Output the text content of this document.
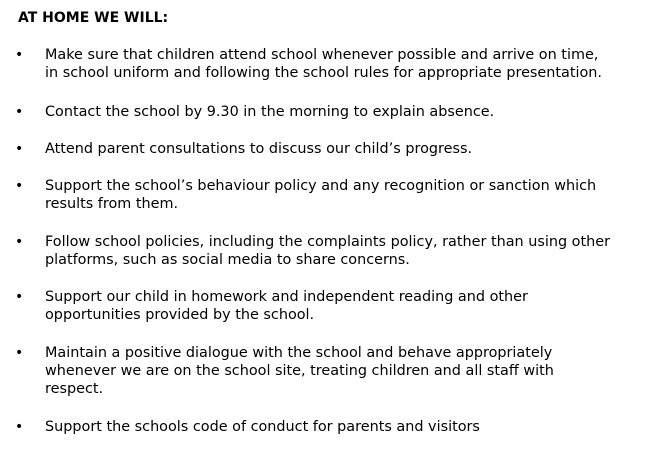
AT HOME WE WILL:
• Make sure that children attend school whenever possible and arrive on time,
in school uniform and following the school rules for appropriate presentation.
• Contact the school by 9.30 in the morning to explain absence.
• Attend parent consultations to discuss our child’s progress.
• Support the school’s behaviour policy and any recognition or sanction which
results from them.
• Follow school policies, including the complaints policy, rather than using other
platforms, such as social media to share concerns.
• Support our child in homework and independent reading and other
opportunities provided by the school.
• Maintain a positive dialogue with the school and behave appropriately
whenever we are on the school site, treating children and all staff with
respect.
• Support the schools code of conduct for parents and visitors
